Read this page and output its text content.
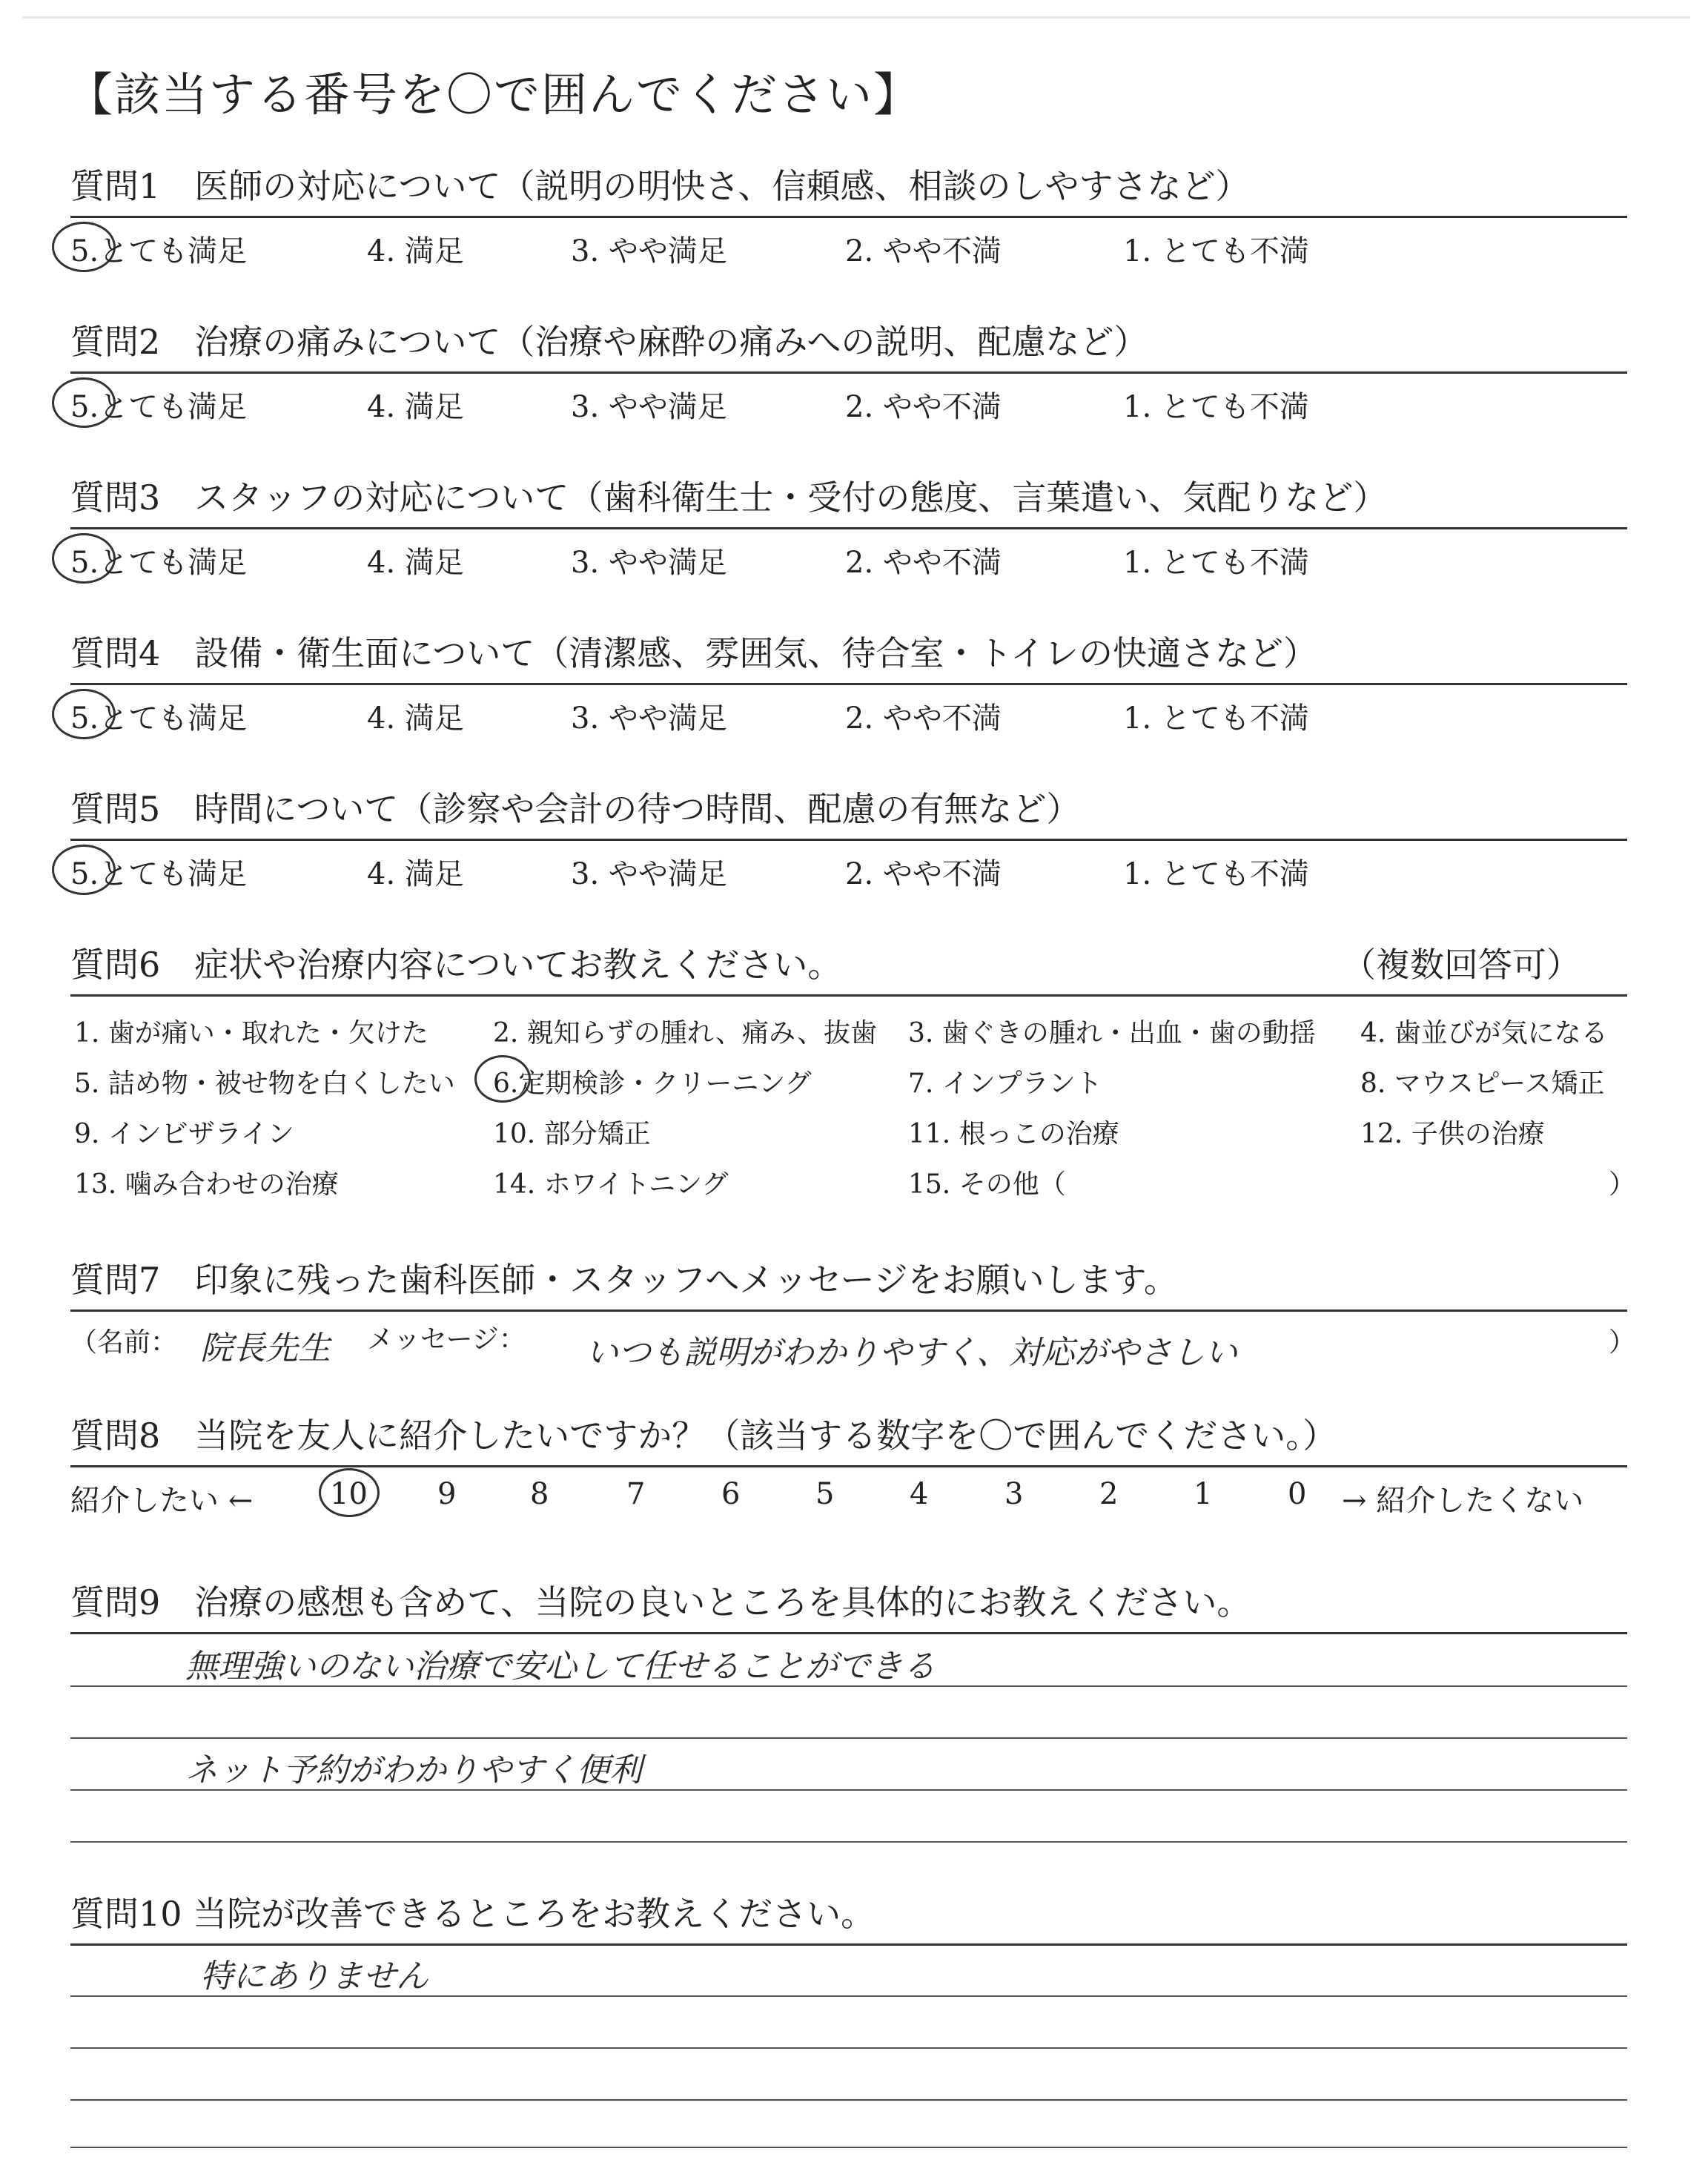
【該当する番号を〇で囲んでください】
質問1　医師の対応について（説明の明快さ、信頼感、相談のしやすさなど）
5.とても満足	4. 満足	3. やや満足	2. やや不満	1. とても不満
質問2　治療の痛みについて（治療や麻酔の痛みへの説明、配慮など）
5.とても満足	4. 満足	3. やや満足	2. やや不満	1. とても不満
質問3　スタッフの対応について（歯科衛生士・受付の態度、言葉遣い、気配りなど）
5.とても満足	4. 満足	3. やや満足	2. やや不満	1. とても不満
質問4　設備・衛生面について（清潔感、雰囲気、待合室・トイレの快適さなど）
5.とても満足	4. 満足	3. やや満足	2. やや不満	1. とても不満
質問5　時間について（診察や会計の待つ時間、配慮の有無など）
5.とても満足	4. 満足	3. やや満足	2. やや不満	1. とても不満
質問6　症状や治療内容についてお教えください。	（複数回答可）
1. 歯が痛い・取れた・欠けた 2. 親知らずの腫れ、痛み、抜歯 3. 歯ぐきの腫れ・出血・歯の動揺 4. 歯並びが気になる
5. 詰め物・被せ物を白くしたい 6.定期検診・クリーニング	7. インプラント	8. マウスピース矯正
9. インビザライン	10. 部分矯正	11. 根っこの治療	12. 子供の治療
13. 噛み合わせの治療	14. ホワイトニング	15. その他（	）
質問7　印象に残った歯科医師・スタッフへメッセージをお願いします。
（名前： 院長先生 メッセージ： いつも説明がわかりやすく、対応がやさしい	）
質問8　当院を友人に紹介したいですか？（該当する数字を〇で囲んでください。）
紹介したい ←	10 9 8	7	6	5	4	3	2	1	0 → 紹介したくない
質問9　治療の感想も含めて、当院の良いところを具体的にお教えください。
無理強いのない治療で安心して任せることができる
ネット予約がわかりやすく便利
質問10 当院が改善できるところをお教えください。
特にありません
